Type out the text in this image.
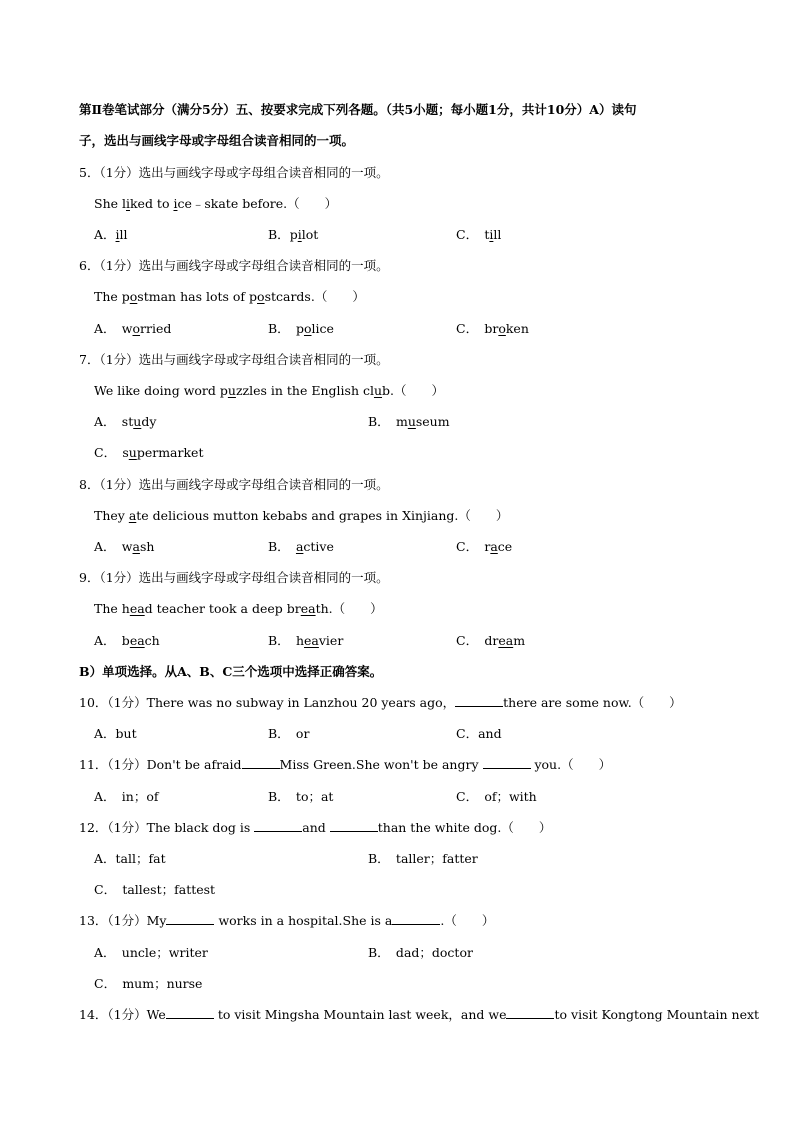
第Ⅱ卷笔试部分（满分5分）五、按要求完成下列各题。（共5小题；每小题1分，共计10分）A）读句
子，选出与画线字母或字母组合读音相同的一项。
5．（1分）选出与画线字母或字母组合读音相同的一项。
She liked to ice﹣skate before.（　　）
A．ill	B．pilot	C．　 till
6．（1分）选出与画线字母或字母组合读音相同的一项。
The postman has lots of postcards.（　　）
A．　 worried	B．　 police	C．　 broken
7．（1分）选出与画线字母或字母组合读音相同的一项。
We like doing word puzzles in the English club.（　　）
A．　 study	B．　 museum
C．　 supermarket
8．（1分）选出与画线字母或字母组合读音相同的一项。
They ate delicious mutton kebabs and grapes in Xinjiang.（　　）
A．　 wash	B．　 active	C．　 race
9．（1分）选出与画线字母或字母组合读音相同的一项。
The head teacher took a deep breath.（　　）
A．　 beach	B．　 heavier	C．　 dream
B）单项选择。从A、B、C三个选项中选择正确答案。
10．（1分）There was no subway in Lanzhou 20 years ago，	there are some now.（　　）
A．but	B．　or	C．and
11．（1分）Don't be afraid	Miss Green.She won't be angry	you.（　　）
A．　in；of	B．　to；at	C．　of；with
12．（1分）The black dog is	and	than the white dog.（　　）
A．tall；fat	B．　taller；fatter
C．　tallest；fattest
13．（1分）My	works in a hospital.She is a	.（　　）
A．　uncle；writer	B．　dad；doctor
C．　mum；nurse
14．（1分）We	to visit Mingsha Mountain last week，and we	to visit Kongtong Mountain next
